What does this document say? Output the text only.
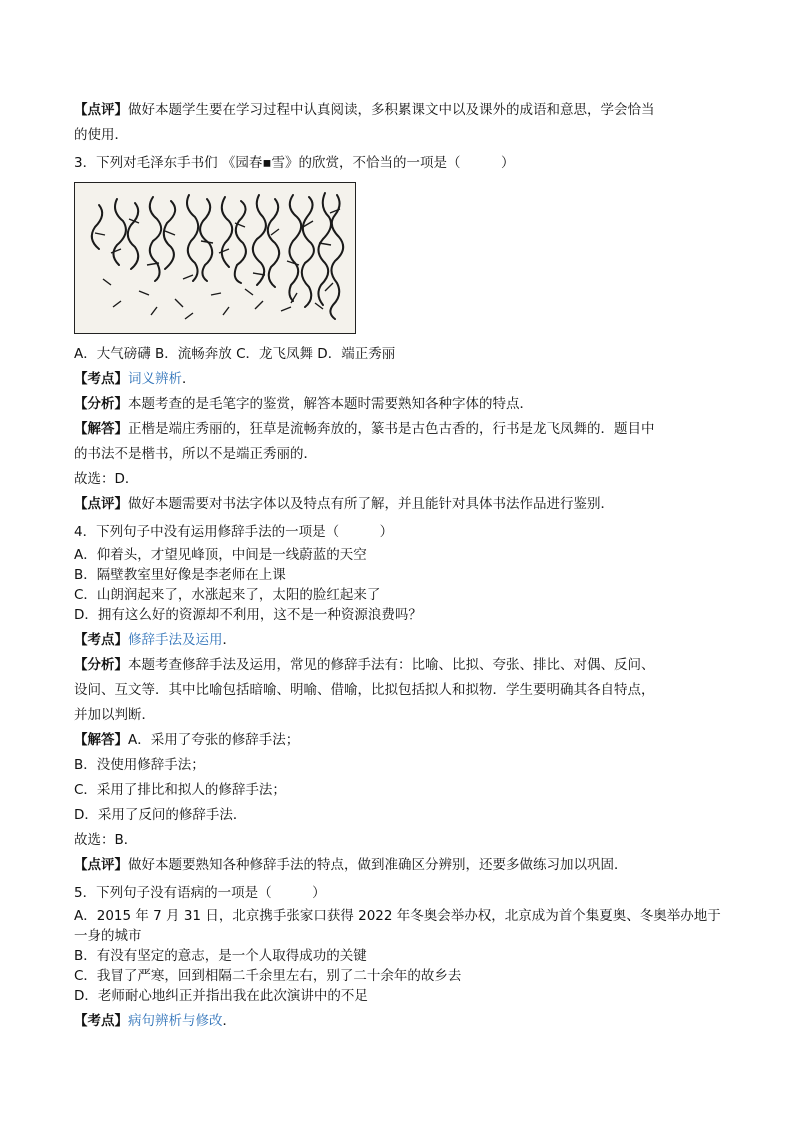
【点评】做好本题学生要在学习过程中认真阅读，多积累课文中以及课外的成语和意思，学会恰当
的使用．
3．下列对毛泽东手书们 《园春▪雪》的欣赏，不恰当的一项是（　　　）
A．大气磅礴 B．流畅奔放 C．龙飞凤舞 D．端正秀丽
【考点】词义辨析．
【分析】本题考查的是毛笔字的鉴赏，解答本题时需要熟知各种字体的特点．
【解答】正楷是端庄秀丽的，狂草是流畅奔放的，篆书是古色古香的，行书是龙飞凤舞的．题目中
的书法不是楷书，所以不是端正秀丽的．
故选：D．
【点评】做好本题需要对书法字体以及特点有所了解，并且能针对具体书法作品进行鉴别．
4．下列句子中没有运用修辞手法的一项是（　　　）
A．仰着头，才望见峰顶，中间是一线蔚蓝的天空
B．隔壁教室里好像是李老师在上课
C．山朗润起来了，水涨起来了，太阳的脸红起来了
D．拥有这么好的资源却不利用，这不是一种资源浪费吗？
【考点】修辞手法及运用．
【分析】本题考查修辞手法及运用，常见的修辞手法有：比喻、比拟、夸张、排比、对偶、反问、
设问、互文等．其中比喻包括暗喻、明喻、借喻，比拟包括拟人和拟物．学生要明确其各自特点，
并加以判断．
【解答】A．采用了夸张的修辞手法；
B．没使用修辞手法；
C．采用了排比和拟人的修辞手法；
D．采用了反问的修辞手法．
故选：B．
【点评】做好本题要熟知各种修辞手法的特点，做到准确区分辨别，还要多做练习加以巩固．
5．下列句子没有语病的一项是（　　　）
A．2015 年 7 月 31 日，北京携手张家口获得 2022 年冬奥会举办权，北京成为首个集夏奥、冬奥举办地于
一身的城市
B．有没有坚定的意志，是一个人取得成功的关键
C．我冒了严寒，回到相隔二千余里左右，别了二十余年的故乡去
D．老师耐心地纠正并指出我在此次演讲中的不足
【考点】病句辨析与修改．
